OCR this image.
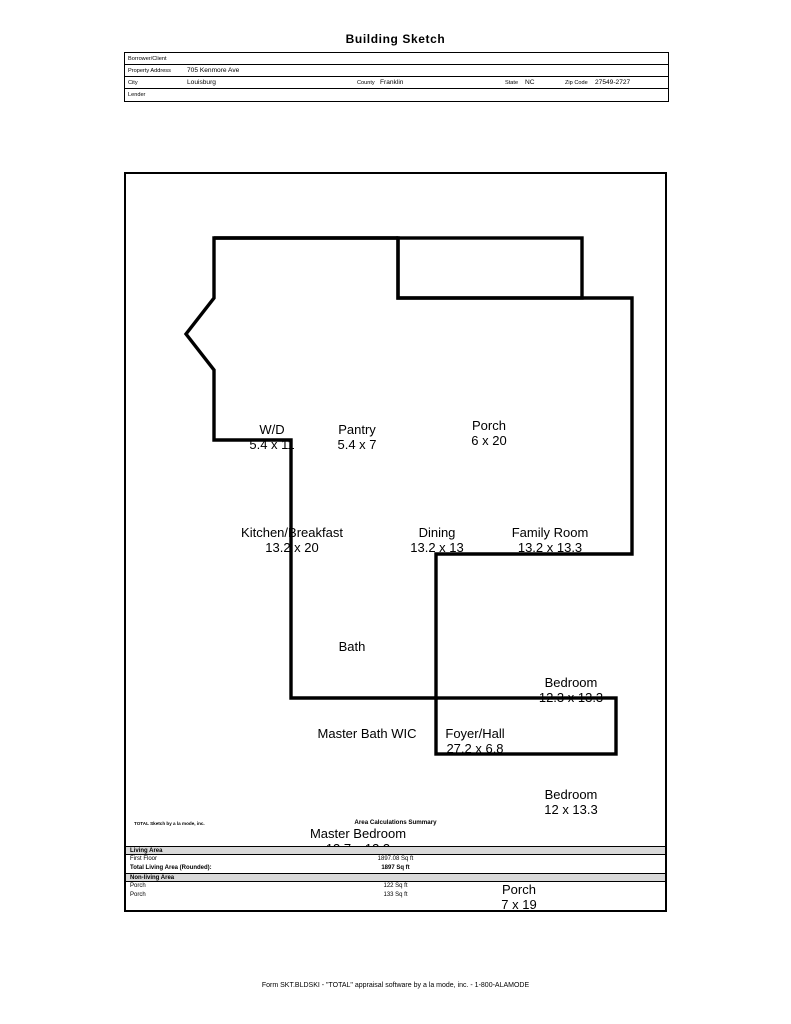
Building Sketch
Borrower/Client
Property Address 705 Kenmore Ave
City	Louisburg	County Franklin	State NC	Zip Code 27549-2727
Lender
W/D
5.4 x 11
Pantry
5.4 x 7
Porch
6 x 20
Kitchen/Breakfast
13.2 x 20
Dining
13.2 x 13
Family Room
13.2 x 13.3
Bath
Bedroom
12.3 x 13.3
Master Bath WIC Foyer/Hall
27.2 x 6.8
Bedroom
12 x 13.3
Master Bedroom
Porch
7 x 19
TOTAL Sketch by a la mode, inc.	Area Calculations Summary
Living Area
First Floor	1897.08 Sq ft
Total Living Area (Rounded):	1897 Sq ft
Non-living Area
Porch	122 Sq ft
Porch	133 Sq ft
Form SKT.BLDSKI - "TOTAL" appraisal software by a la mode, inc. - 1-800-ALAMODE
